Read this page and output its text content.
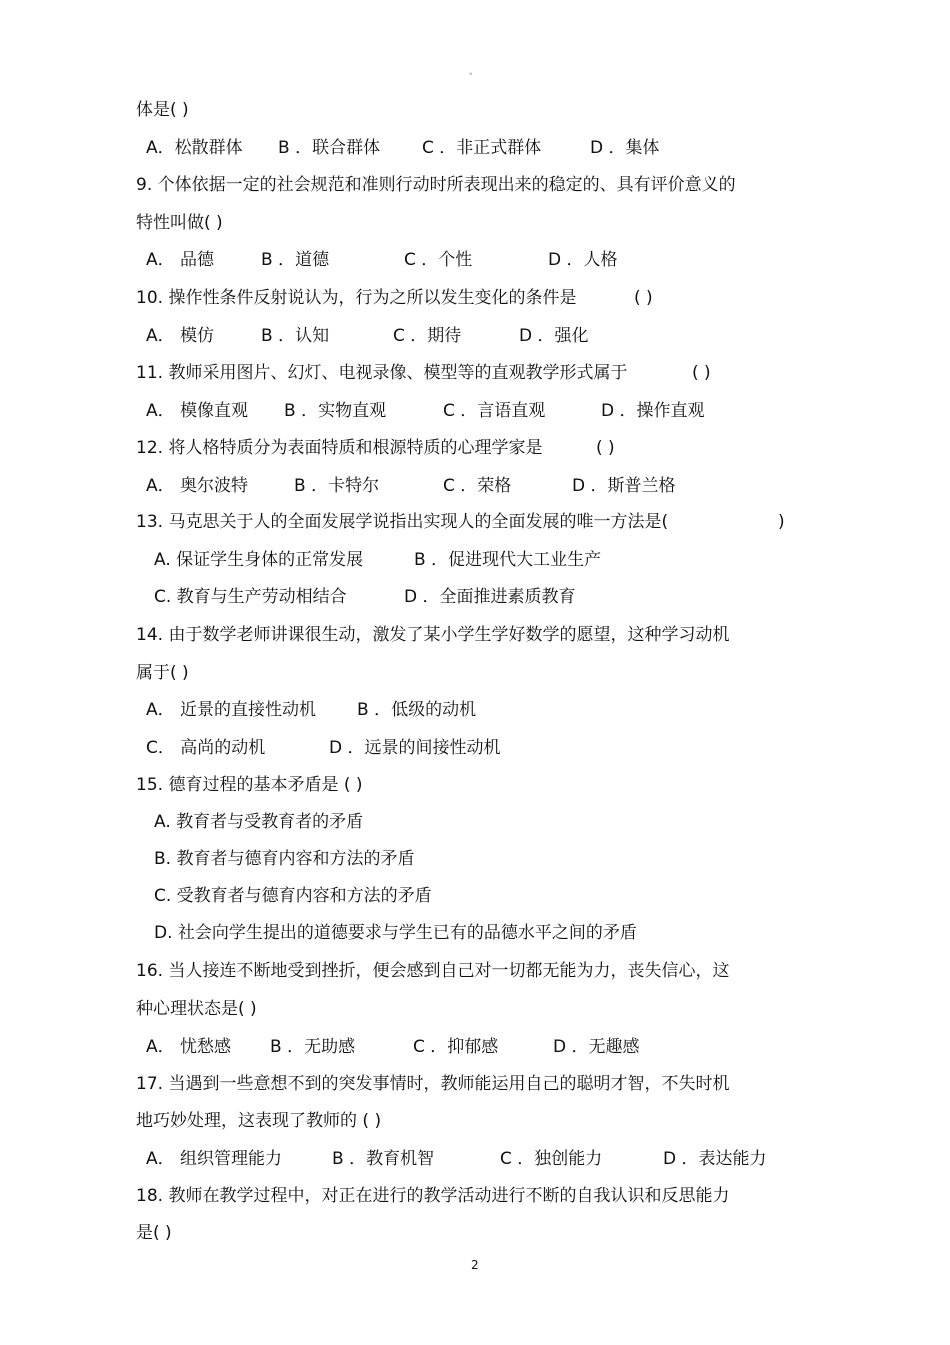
°
体是( )
A．松散群体 B ．联合群体 C ．非正式群体	D ．集体
9. 个体依据一定的社会规范和准则行动时所表现出来的稳定的、具有评价意义的
特性叫做( )
A． 品德	B ．道德	C ．个性	D ．人格
10. 操作性条件反射说认为，行为之所以发生变化的条件是	( )
A． 模仿	B ．认知	C ．期待	D ．强化
11. 教师采用图片、幻灯、电视录像、模型等的直观教学形式属于	( )
A． 模像直观 B ．实物直观	C ．言语直观	D ．操作直观
12. 将人格特质分为表面特质和根源特质的心理学家是	( )
A． 奥尔波特	B ．卡特尔	C ．荣格	D ．斯普兰格
13. 马克思关于人的全面发展学说指出实现人的全面发展的唯一方法是(	)
A. 保证学生身体的正常发展	B ．促进现代大工业生产
C. 教育与生产劳动相结合	D ．全面推进素质教育
14. 由于数学老师讲课很生动，激发了某小学生学好数学的愿望，这种学习动机
属于( )
A． 近景的直接性动机 B ．低级的动机
C． 高尚的动机	D ．远景的间接性动机
15. 德育过程的基本矛盾是 ( )
A. 教育者与受教育者的矛盾
B. 教育者与德育内容和方法的矛盾
C. 受教育者与德育内容和方法的矛盾
D. 社会向学生提出的道德要求与学生已有的品德水平之间的矛盾
16. 当人接连不断地受到挫折，便会感到自己对一切都无能为力，丧失信心，这
种心理状态是( )
A． 忧愁感 B ．无助感	C ．抑郁感	D ．无趣感
17. 当遇到一些意想不到的突发事情时，教师能运用自己的聪明才智，不失时机
地巧妙处理，这表现了教师的 ( )
A． 组织管理能力	B ．教育机智	C ．独创能力	D ．表达能力
18. 教师在教学过程中，对正在进行的教学活动进行不断的自我认识和反思能力
是( )
2
